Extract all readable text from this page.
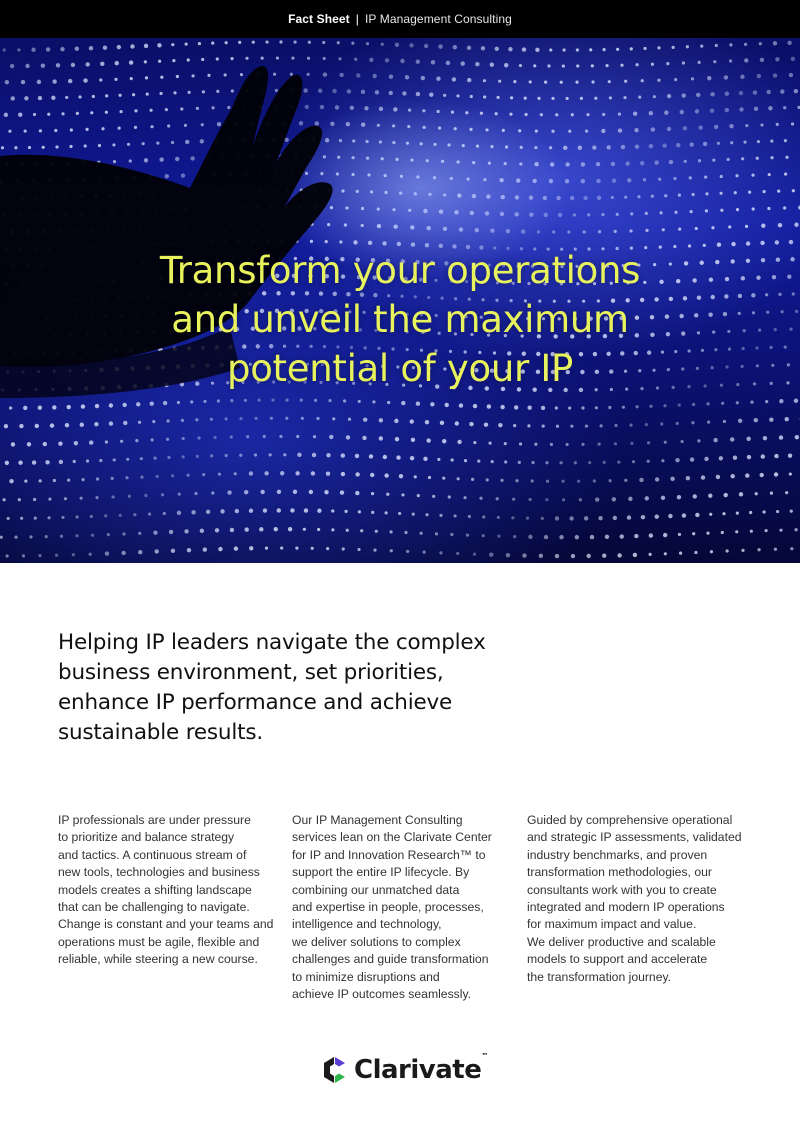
Fact Sheet | IP Management Consulting
Transform your operations
and unveil the maximum
potential of your IP
Helping IP leaders navigate the complex business environment, set priorities, enhance IP performance and achieve sustainable results.
IP professionals are under pressure
to prioritize and balance strategy
and tactics. A continuous stream of
new tools, technologies and business
models creates a shifting landscape
that can be challenging to navigate.
Change is constant and your teams and
operations must be agile, flexible and
reliable, while steering a new course.
Our IP Management Consulting
services lean on the Clarivate Center
for IP and Innovation Research™ to
support the entire IP lifecycle. By
combining our unmatched data
and expertise in people, processes,
intelligence and technology,
we deliver solutions to complex
challenges and guide transformation
to minimize disruptions and
achieve IP outcomes seamlessly.
Guided by comprehensive operational
and strategic IP assessments, validated
industry benchmarks, and proven
transformation methodologies, our
consultants work with you to create
integrated and modern IP operations
for maximum impact and value.
We deliver productive and scalable
models to support and accelerate
the transformation journey.
Clarivate™
